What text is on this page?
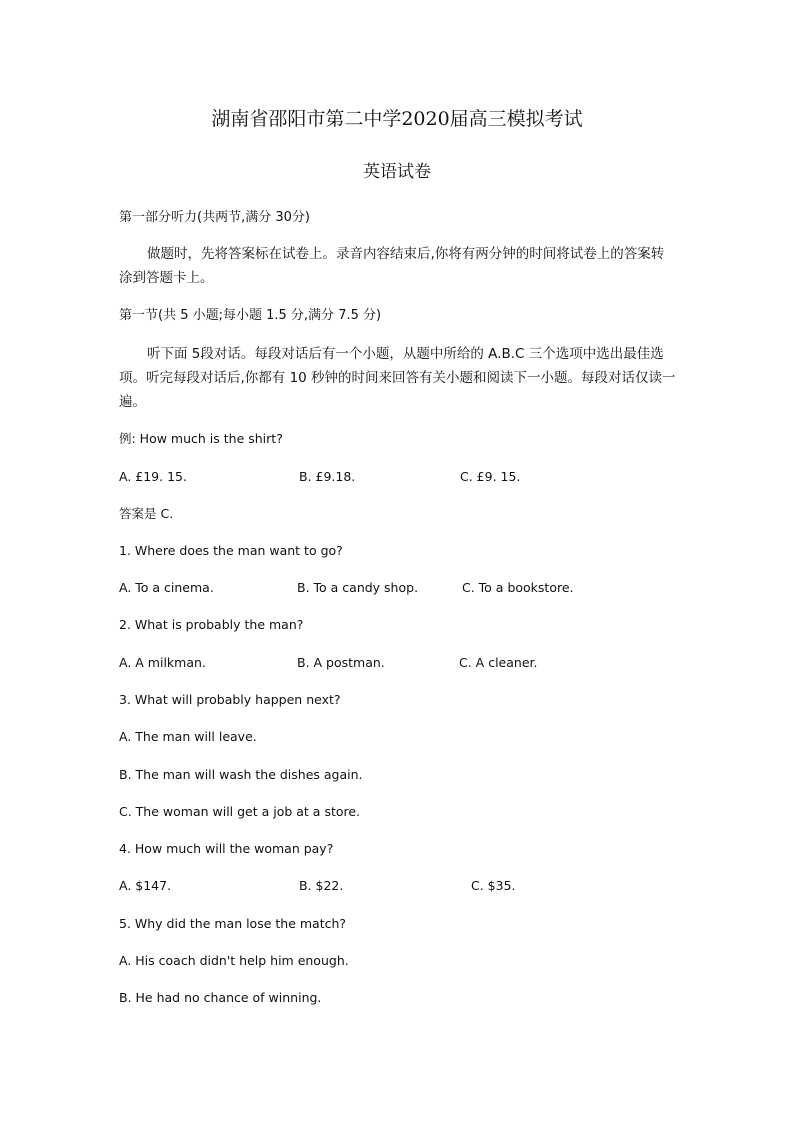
湖南省邵阳市第二中学2020届高三模拟考试
英语试卷
第一部分听力(共两节,满分 30分)
做题时，先将答案标在试卷上。录音内容结束后,你将有两分钟的时间将试卷上的答案转涂到答题卡上。
第一节(共 5 小题;每小题 1.5 分,满分 7.5 分)
听下面 5段对话。每段对话后有一个小题，从题中所给的 A.B.C 三个选项中选出最佳选项。听完每段对话后,你都有 10 秒钟的时间来回答有关小题和阅读下一小题。每段对话仅读一遍。
例: How much is the shirt?
A. £19. 15.	B. £9.18.	C. £9. 15.
答案是 C.
1. Where does the man want to go?
A. To a cinema.	B. To a candy shop.	C. To a bookstore.
2. What is probably the man?
A. A milkman.	B. A postman.	C. A cleaner.
3. What will probably happen next?
A. The man will leave.
B. The man will wash the dishes again.
C. The woman will get a job at a store.
4. How much will the woman pay?
A. $147.	B. $22.	C. $35.
5. Why did the man lose the match?
A. His coach didn't help him enough.
B. He had no chance of winning.
